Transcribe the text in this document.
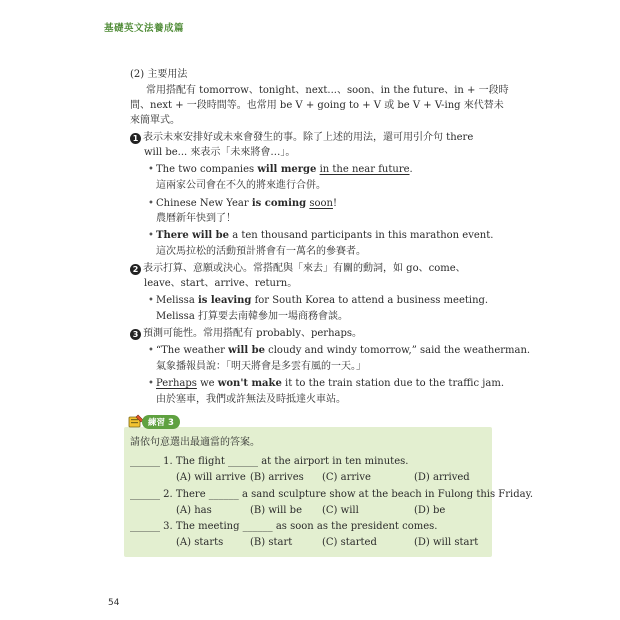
基礎英文法養成篇
(2) 主要用法
常用搭配有 tomorrow、tonight、next...、soon、in the future、in + 一段時
間、next + 一段時間等。也常用 be V + going to + V 或 be V + V-ing 來代替未
來簡單式。
1 表示未來安排好或未來會發生的事。除了上述的用法，還可用引介句 there
will be... 來表示「未來將會…」。
• The two companies will merge in the near future.
這兩家公司會在不久的將來進行合併。
• Chinese New Year is coming soon!
農曆新年快到了！
• There will be a ten thousand participants in this marathon event.
這次馬拉松的活動預計將會有一萬名的參賽者。
2 表示打算、意願或決心。常搭配與「來去」有關的動詞，如 go、come、
leave、start、arrive、return。
• Melissa is leaving for South Korea to attend a business meeting.
Melissa 打算要去南韓參加一場商務會談。
3 預測可能性。常用搭配有 probably、perhaps。
• “The weather will be cloudy and windy tomorrow,” said the weatherman.
氣象播報員說：「明天將會是多雲有風的一天。」
• Perhaps we won't make it to the train station due to the traffic jam.
由於塞車，我們或許無法及時抵達火車站。
練習 3
請依句意選出最適當的答案。
______ 1. The flight ______ at the airport in ten minutes.
(A) will arrive (B) arrives (C) arrive	(D) arrived
______ 2. There ______ a sand sculpture show at the beach in Fulong this Friday.
(A) has	(B) will be (C) will	(D) be
______ 3. The meeting ______ as soon as the president comes.
(A) starts	(B) start	(C) started	(D) will start
54
